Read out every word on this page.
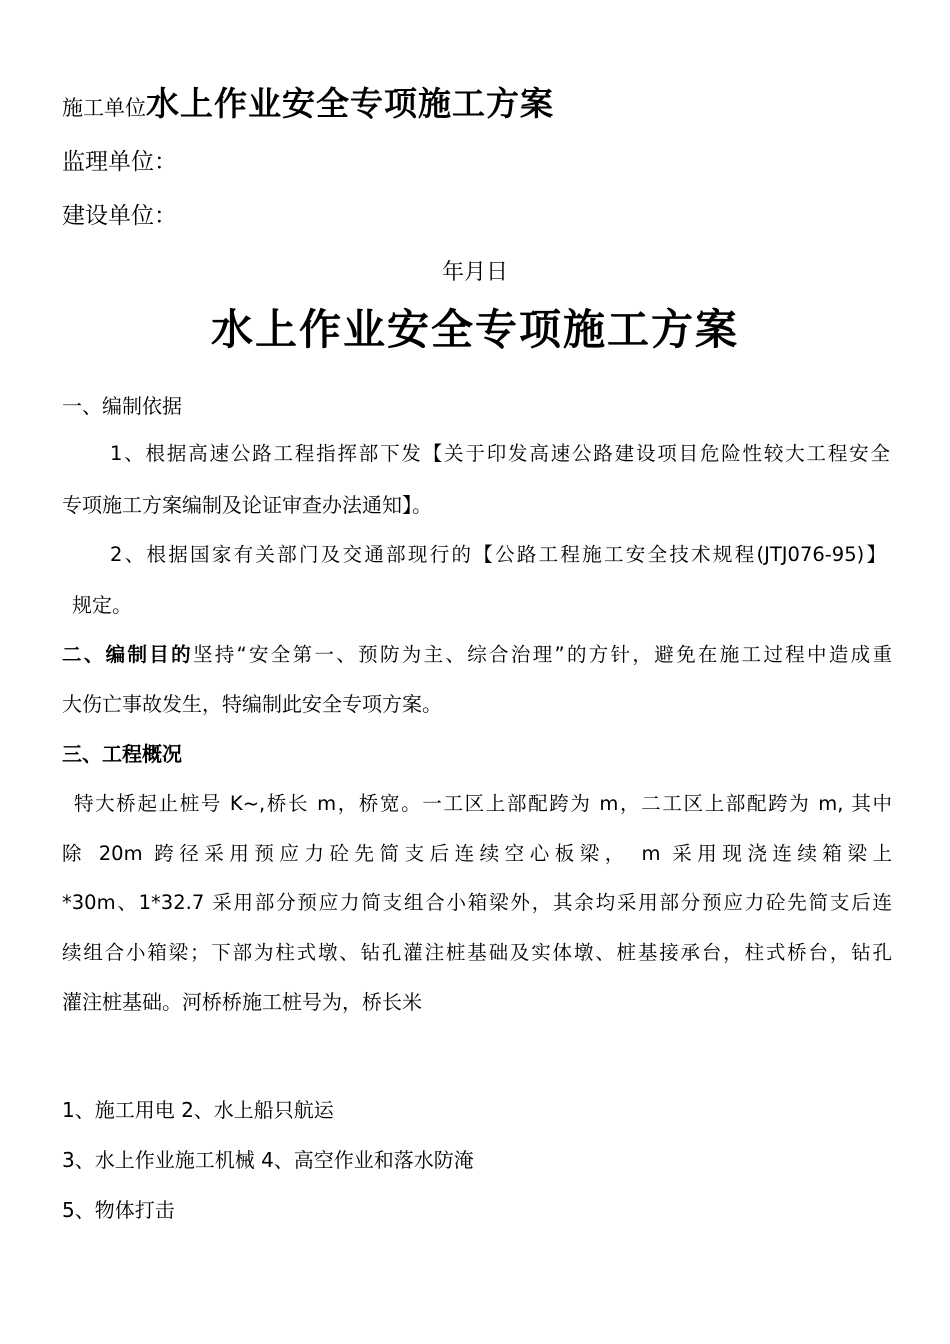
施工单位水上作业安全专项施工方案
监理单位：
建设单位：
年月日
水上作业安全专项施工方案
一、编制依据
1、根据高速公路工程指挥部下发【关于印发高速公路建设项目危险性较大工程安全
专项施工方案编制及论证审查办法通知】。
2、根据国家有关部门及交通部现行的【公路工程施工安全技术规程(JTJ076-95)】
规定。
二、编制目的坚持“安全第一、预防为主、综合治理”的方针，避免在施工过程中造成重
大伤亡事故发生，特编制此安全专项方案。
三、工程概况
特大桥起止桩号 K~,桥长 m，桥宽。一工区上部配跨为 m，二工区上部配跨为 m, 其中
除 20m 跨径采用预应力砼先简支后连续空心板梁， m 采用现浇连续箱梁上
*30m、1*32.7 采用部分预应力简支组合小箱梁外，其余均采用部分预应力砼先简支后连
续组合小箱梁；下部为柱式墩、钻孔灌注桩基础及实体墩、桩基接承台，柱式桥台，钻孔
灌注桩基础。河桥桥施工桩号为，桥长米
1、施工用电 2、水上船只航运
3、水上作业施工机械 4、高空作业和落水防淹
5、物体打击
